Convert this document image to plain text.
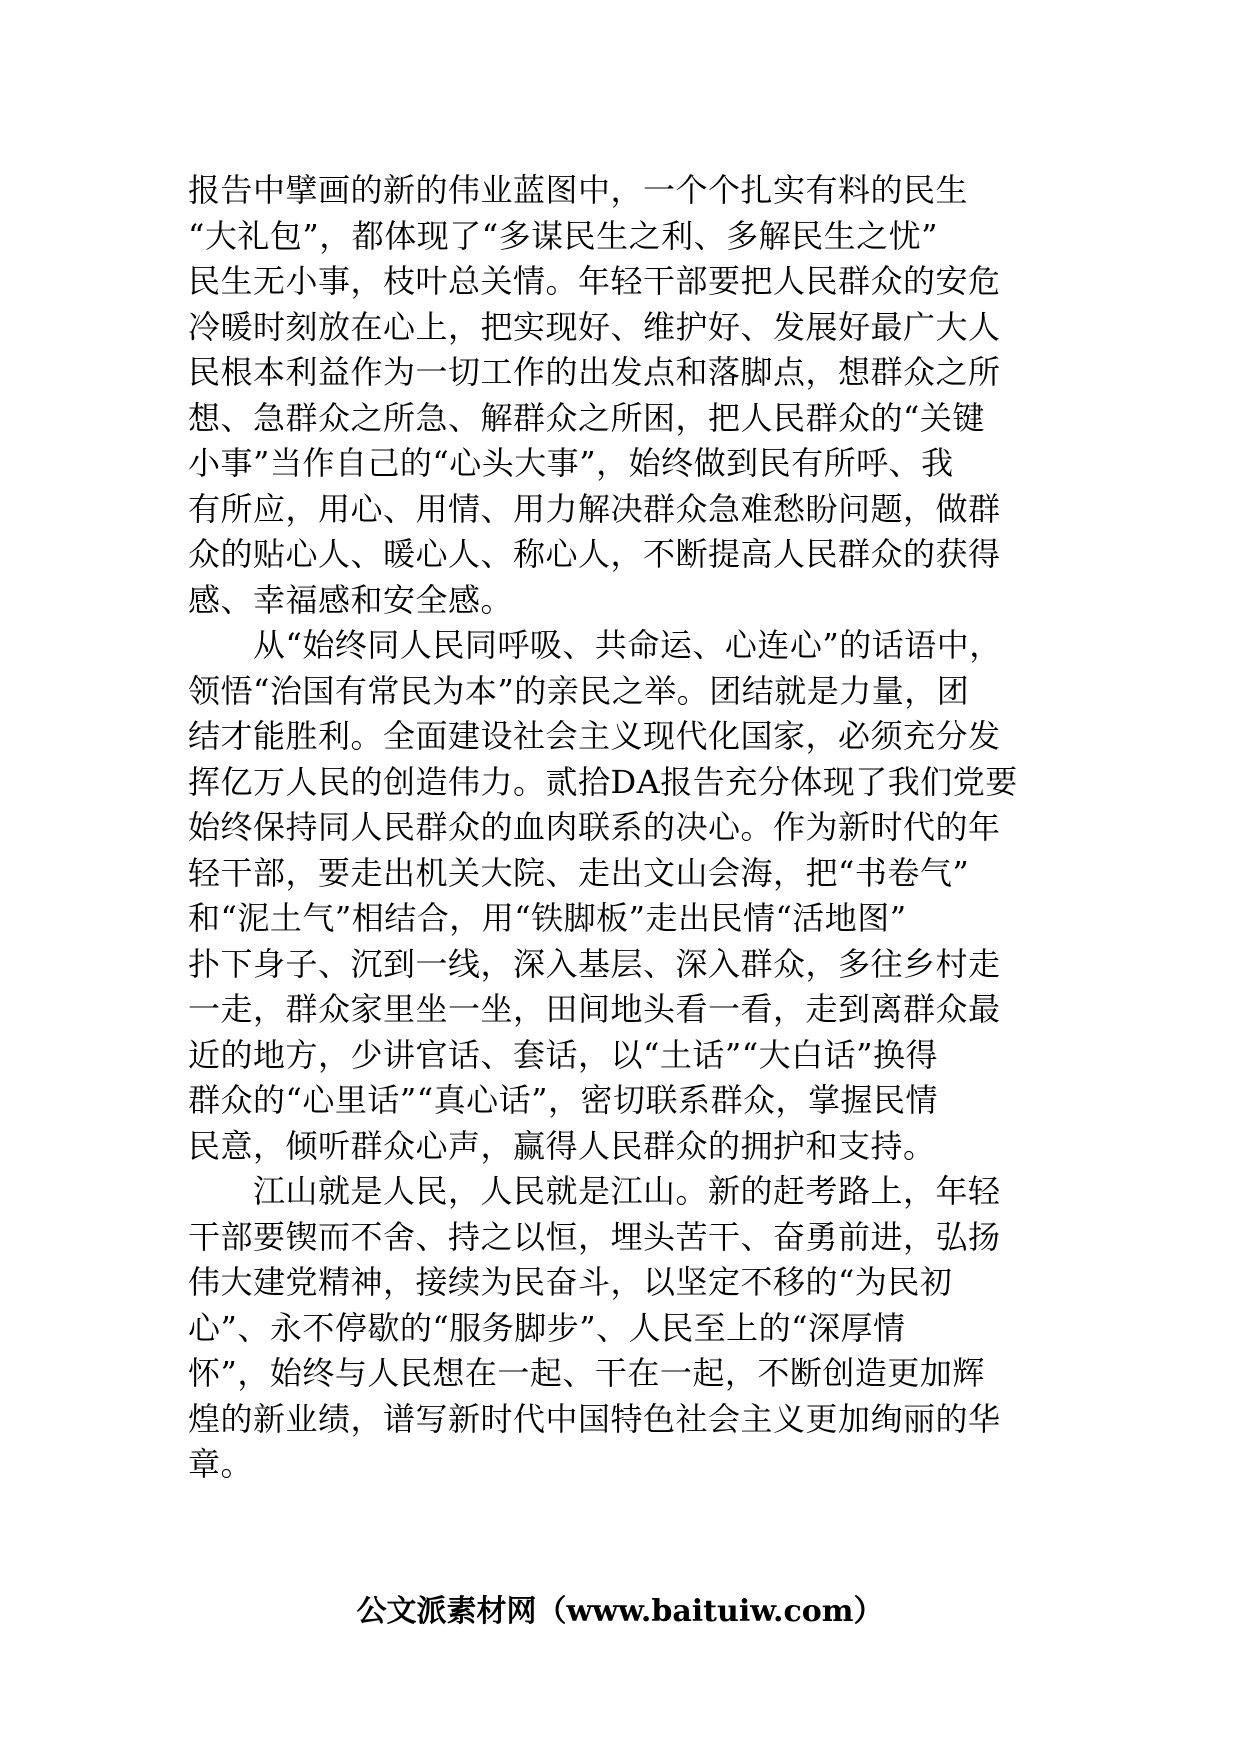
报告中擘画的新的伟业蓝图中，一个个扎实有料的民生
“大礼包”，都体现了“多谋民生之利、多解民生之忧”
民生无小事，枝叶总关情。年轻干部要把人民群众的安危
冷暖时刻放在心上，把实现好、维护好、发展好最广大人
民根本利益作为一切工作的出发点和落脚点，想群众之所
想、急群众之所急、解群众之所困，把人民群众的“关键
小事”当作自己的“心头大事”，始终做到民有所呼、我
有所应，用心、用情、用力解决群众急难愁盼问题，做群
众的贴心人、暖心人、称心人，不断提高人民群众的获得
感、幸福感和安全感。
　　从“始终同人民同呼吸、共命运、心连心”的话语中，
领悟“治国有常民为本”的亲民之举。团结就是力量，团
结才能胜利。全面建设社会主义现代化国家，必须充分发
挥亿万人民的创造伟力。贰拾DA报告充分体现了我们党要
始终保持同人民群众的血肉联系的决心。作为新时代的年
轻干部，要走出机关大院、走出文山会海，把“书卷气”
和“泥土气”相结合，用“铁脚板”走出民情“活地图”
扑下身子、沉到一线，深入基层、深入群众，多往乡村走
一走，群众家里坐一坐，田间地头看一看，走到离群众最
近的地方，少讲官话、套话，以“土话”“大白话”换得
群众的“心里话”“真心话”，密切联系群众，掌握民情
民意，倾听群众心声，赢得人民群众的拥护和支持。
　　江山就是人民，人民就是江山。新的赶考路上，年轻
干部要锲而不舍、持之以恒，埋头苦干、奋勇前进，弘扬
伟大建党精神，接续为民奋斗，以坚定不移的“为民初
心”、永不停歇的“服务脚步”、人民至上的“深厚情
怀”，始终与人民想在一起、干在一起，不断创造更加辉
煌的新业绩，谱写新时代中国特色社会主义更加绚丽的华
章。
公文派素材网（www.baituiw.com）
